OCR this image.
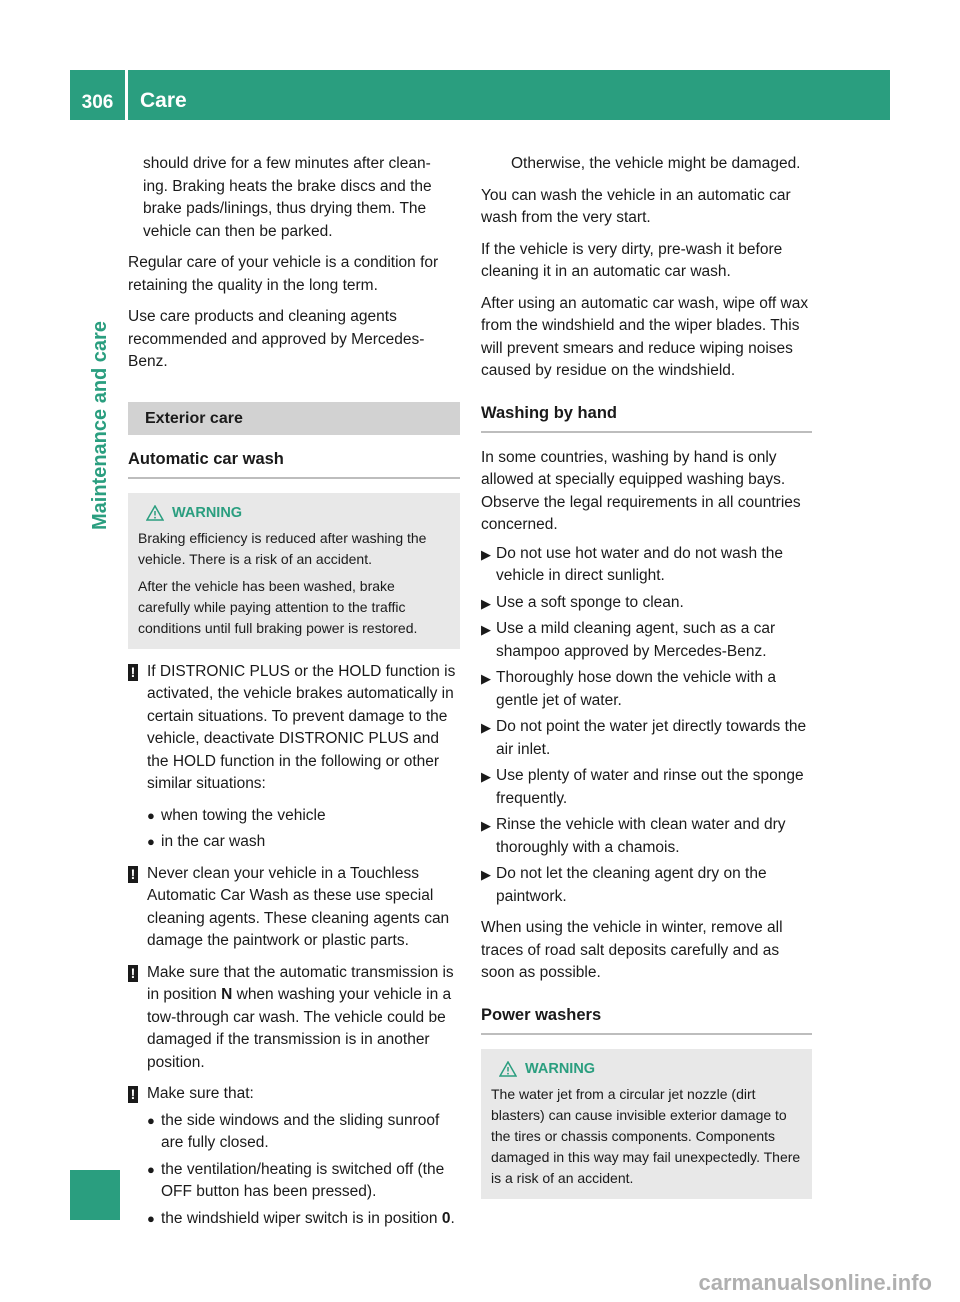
306	Care
Maintenance and care

should drive for a few minutes after clean-
ing. Braking heats the brake discs and the
brake pads/linings, thus drying them. The
vehicle can then be parked.

Regular care of your vehicle is a condition for retaining the quality in the long term.

Use care products and cleaning agents recommended and approved by Mercedes-Benz.

Exterior care
Automatic car wash
WARNING

Braking efficiency is reduced after washing the vehicle. There is a risk of an accident.

After the vehicle has been washed, brake carefully while paying attention to the traffic conditions until full braking power is restored.

! If DISTRONIC PLUS or the HOLD function is activated, the vehicle brakes automatically in certain situations. To prevent damage to the vehicle, deactivate DISTRONIC PLUS and the HOLD function in the following or other similar situations:
● when towing the vehicle
● in the car wash
! Never clean your vehicle in a Touchless Automatic Car Wash as these use special cleaning agents. These cleaning agents can damage the paintwork or plastic parts.
! Make sure that the automatic transmission is in position N when washing your vehicle in a tow-through car wash. The vehicle could be damaged if the transmission is in another position.
! Make sure that:
● the side windows and the sliding sunroof are fully closed.
● the ventilation/heating is switched off (the OFF button has been pressed).
● the windshield wiper switch is in position 0.

Otherwise, the vehicle might be damaged.

You can wash the vehicle in an automatic car wash from the very start.

If the vehicle is very dirty, pre-wash it before cleaning it in an automatic car wash.

After using an automatic car wash, wipe off wax from the windshield and the wiper blades. This will prevent smears and reduce wiping noises caused by residue on the windshield.

Washing by hand

In some countries, washing by hand is only allowed at specially equipped washing bays. Observe the legal requirements in all countries concerned.

▶ Do not use hot water and do not wash the vehicle in direct sunlight.
▶ Use a soft sponge to clean.
▶ Use a mild cleaning agent, such as a car shampoo approved by Mercedes-Benz.
▶ Thoroughly hose down the vehicle with a gentle jet of water.
▶ Do not point the water jet directly towards the air inlet.
▶ Use plenty of water and rinse out the sponge frequently.
▶ Rinse the vehicle with clean water and dry thoroughly with a chamois.
▶ Do not let the cleaning agent dry on the paintwork.

When using the vehicle in winter, remove all traces of road salt deposits carefully and as soon as possible.

Power washers
WARNING

The water jet from a circular jet nozzle (dirt blasters) can cause invisible exterior damage to the tires or chassis components. Components damaged in this way may fail unexpectedly. There is a risk of an accident.

carmanualsonline.info
